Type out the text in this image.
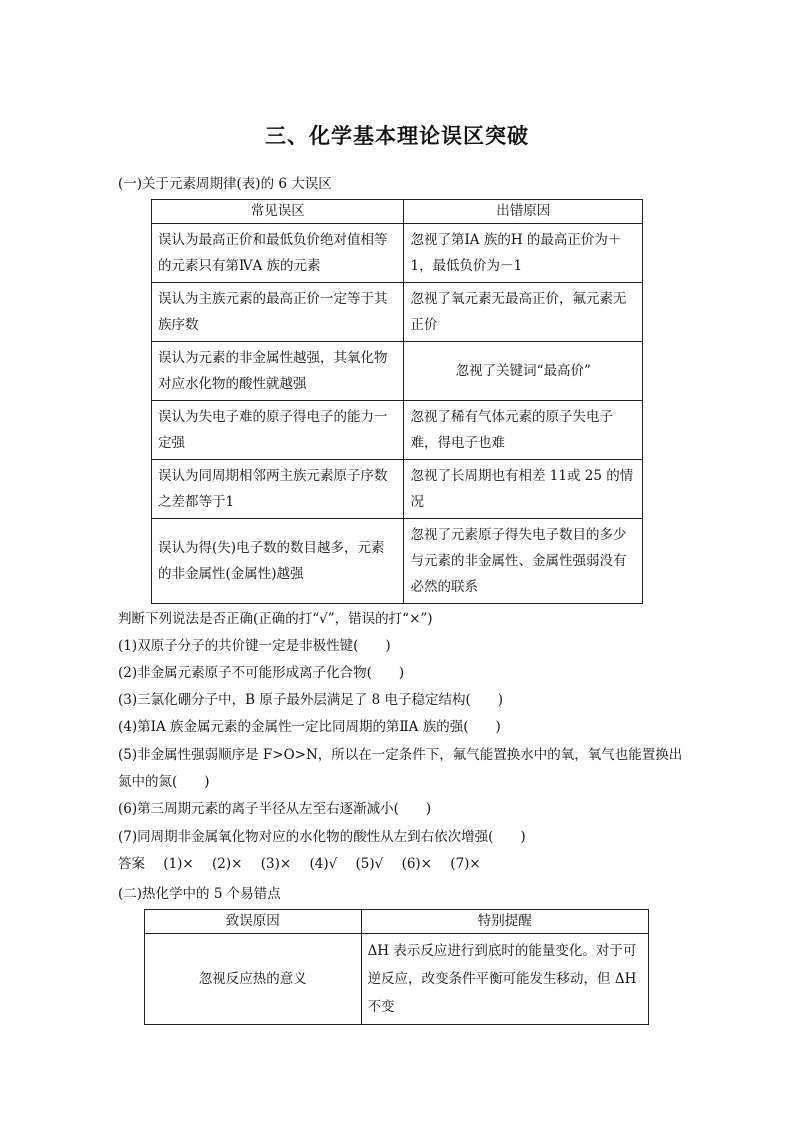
三、化学基本理论误区突破
(一)关于元素周期律(表)的 6 大误区
常见误区	出错原因
误认为最高正价和最低负价绝对值相等的元素只有第ⅣA 族的元素	忽视了第ⅠA 族的H 的最高正价为＋1，最低负价为－1
误认为主族元素的最高正价一定等于其族序数	忽视了氧元素无最高正价，氟元素无正价
误认为元素的非金属性越强，其氧化物对应水化物的酸性就越强	忽视了关键词“最高价”
误认为失电子难的原子得电子的能力一定强	忽视了稀有气体元素的原子失电子难，得电子也难
误认为同周期相邻两主族元素原子序数之差都等于1	忽视了长周期也有相差 11或 25 的情况
误认为得(失)电子数的数目越多，元素的非金属性(金属性)越强	忽视了元素原子得失电子数目的多少与元素的非金属性、金属性强弱没有必然的联系
判断下列说法是否正确(正确的打“√”，错误的打“×”)
(1)双原子分子的共价键一定是非极性键(　　)
(2)非金属元素原子不可能形成离子化合物(　　)
(3)三氯化硼分子中，B 原子最外层满足了 8 电子稳定结构(　　)
(4)第ⅠA 族金属元素的金属性一定比同周期的第ⅡA 族的强(　　)
(5)非金属性强弱顺序是 F>O>N，所以在一定条件下，氟气能置换水中的氧，氧气也能置换出氮中的氮(　　)
(6)第三周期元素的离子半径从左至右逐渐减小(　　)
(7)同周期非金属氧化物对应的水化物的酸性从左到右依次增强(　　)
答案 (1)× (2)× (3)× (4)√ (5)√ (6)× (7)×
(二)热化学中的 5 个易错点
致误原因	特别提醒
忽视反应热的意义	ΔH 表示反应进行到底时的能量变化。对于可逆反应，改变条件平衡可能发生移动，但 ΔH 不变
